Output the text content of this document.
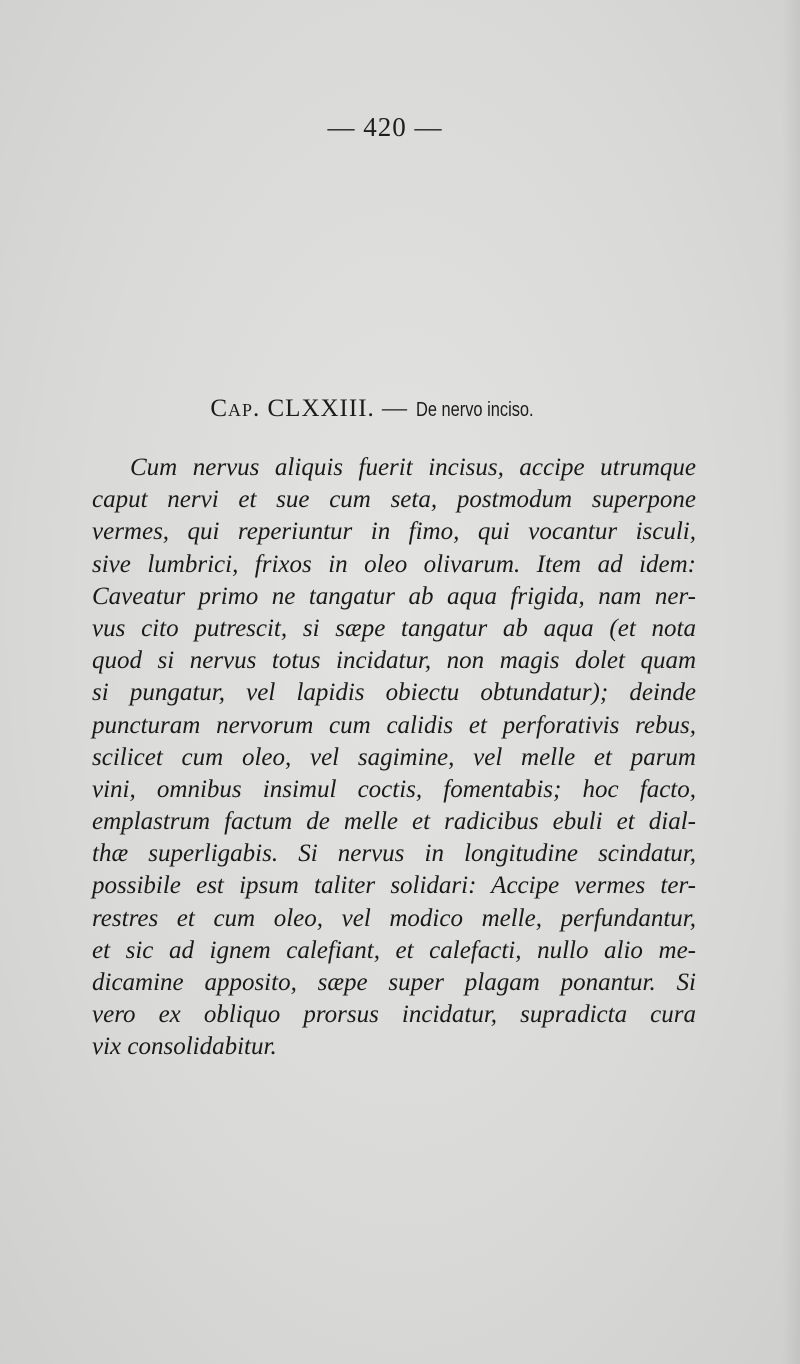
— 420 —
Cap. CLXXIII. — De nervo inciso.
Cum nervus aliquis fuerit incisus, accipe utrumque
caput nervi et sue cum seta, postmodum superpone
vermes, qui reperiuntur in fimo, qui vocantur isculi,
sive lumbrici, frixos in oleo olivarum. Item ad idem:
Caveatur primo ne tangatur ab aqua frigida, nam ner-
vus cito putrescit, si sæpe tangatur ab aqua (et nota
quod si nervus totus incidatur, non magis dolet quam
si pungatur, vel lapidis obiectu obtundatur); deinde
puncturam nervorum cum calidis et perforativis rebus,
scilicet cum oleo, vel sagimine, vel melle et parum
vini, omnibus insimul coctis, fomentabis; hoc facto,
emplastrum factum de melle et radicibus ebuli et dial-
thæ superligabis. Si nervus in longitudine scindatur,
possibile est ipsum taliter solidari: Accipe vermes ter-
restres et cum oleo, vel modico melle, perfundantur,
et sic ad ignem calefiant, et calefacti, nullo alio me-
dicamine apposito, sæpe super plagam ponantur. Si
vero ex obliquo prorsus incidatur, supradicta cura
vix consolidabitur.
